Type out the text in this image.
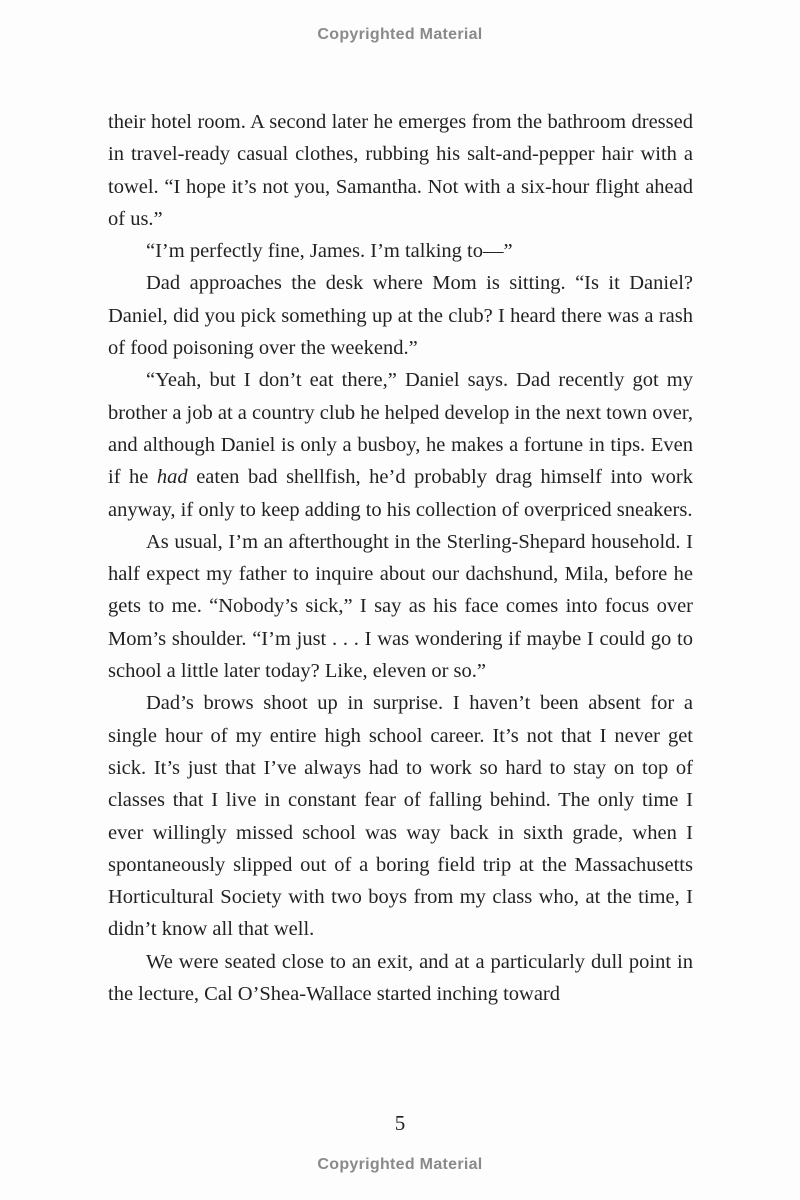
Copyrighted Material

their hotel room. A second later he emerges from the bathroom dressed in travel-ready casual clothes, rubbing his salt-and-pepper hair with a towel. “I hope it’s not you, Samantha. Not with a six-hour flight ahead of us.”

“I’m perfectly fine, James. I’m talking to—”

Dad approaches the desk where Mom is sitting. “Is it Daniel? Daniel, did you pick something up at the club? I heard there was a rash of food poisoning over the weekend.”

“Yeah, but I don’t eat there,” Daniel says. Dad recently got my brother a job at a country club he helped develop in the next town over, and although Daniel is only a busboy, he makes a fortune in tips. Even if he had eaten bad shellfish, he’d probably drag himself into work anyway, if only to keep adding to his collection of overpriced sneakers.

As usual, I’m an afterthought in the Sterling-Shepard household. I half expect my father to inquire about our dachshund, Mila, before he gets to me. “Nobody’s sick,” I say as his face comes into focus over Mom’s shoulder. “I’m just . . . I was wondering if maybe I could go to school a little later today? Like, eleven or so.”

Dad’s brows shoot up in surprise. I haven’t been absent for a single hour of my entire high school career. It’s not that I never get sick. It’s just that I’ve always had to work so hard to stay on top of classes that I live in constant fear of falling behind. The only time I ever willingly missed school was way back in sixth grade, when I spontaneously slipped out of a boring field trip at the Massachusetts Horticultural Society with two boys from my class who, at the time, I didn’t know all that well.

We were seated close to an exit, and at a particularly dull point in the lecture, Cal O’Shea-Wallace started inching toward

5
Copyrighted Material
